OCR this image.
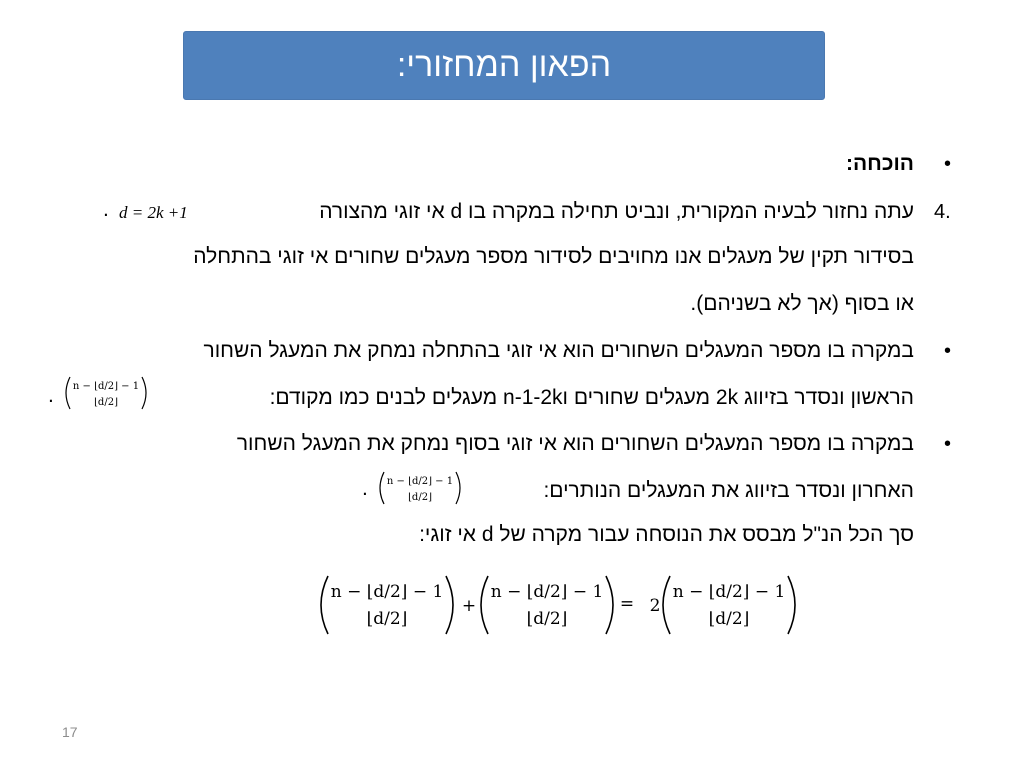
הפאון המחזורי:
•
הוכחה:
4.
עתה נחזור לבעיה המקורית, ונביט תחילה במקרה בו d אי זוגי מהצורה
d = 2k +1
.
בסידור תקין של מעגלים אנו מחויבים לסידור מספר מעגלים שחורים אי זוגי בהתחלה
או בסוף (אך לא בשניהם).
•
במקרה בו מספר המעגלים השחורים הוא אי זוגי בהתחלה נמחק את המעגל השחור
הראשון ונסדר בזיווג 2k מעגלים שחורים וn-1-2k מעגלים לבנים כמו מקודם:
n − ⌊d/2⌋ − 1
⌊d/2⌋
.
•
במקרה בו מספר המעגלים השחורים הוא אי זוגי בסוף נמחק את המעגל השחור
האחרון ונסדר בזיווג את המעגלים הנותרים:
n − ⌊d/2⌋ − 1
⌊d/2⌋
.
סך הכל הנ"ל מבסס את הנוסחה עבור מקרה של d אי זוגי:
n − ⌊d/2⌋ − 1
⌊d/2⌋
+
n − ⌊d/2⌋ − 1
⌊d/2⌋
= 2
n − ⌊d/2⌋ − 1
⌊d/2⌋
17
